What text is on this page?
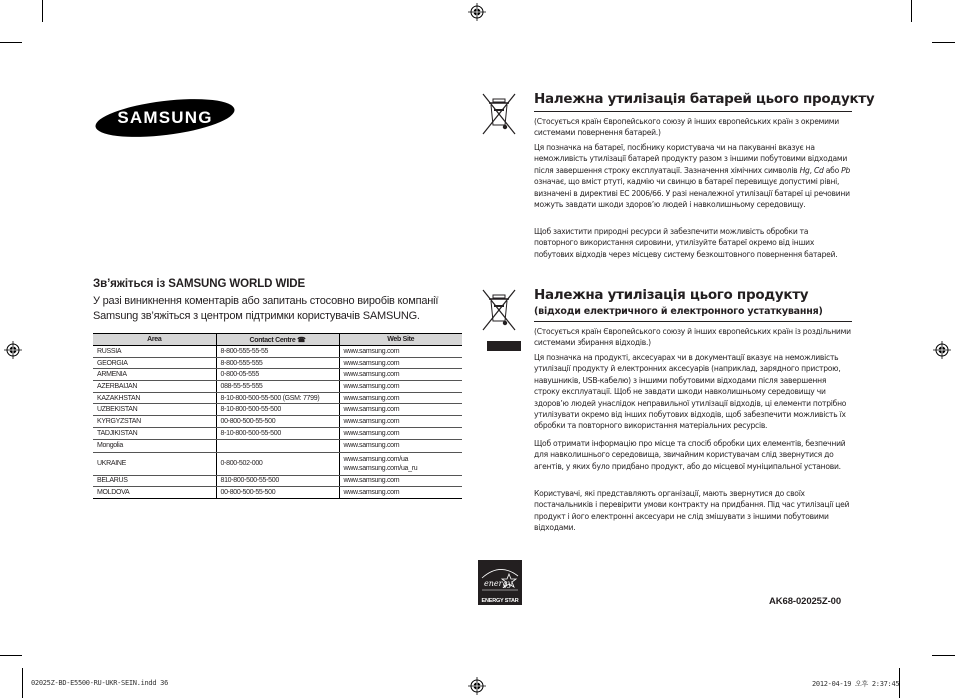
SAMSUNG
Зв’яжіться із SAMSUNG WORLD WIDE
У разі виникнення коментарів або запитань стосовно виробів компанії Samsung зв’яжіться з центром підтримки користувачів SAMSUNG.
Area	Contact Centre ☎	Web Site
RUSSIA	8-800-555-55-55	www.samsung.com
GEORGIA	8-800-555-555	www.samsung.com
ARMENIA	0-800-05-555	www.samsung.com
AZERBAIJAN	088-55-55-555	www.samsung.com
KAZAKHSTAN	8-10-800-500-55-500 (GSM: 7799)	www.samsung.com
UZBEKISTAN	8-10-800-500-55-500	www.samsung.com
KYRGYZSTAN	00-800-500-55-500	www.samsung.com
TADJIKISTAN	8-10-800-500-55-500	www.samsung.com
Mongolia		www.samsung.com
UKRAINE	0-800-502-000	www.samsung.com/ua
www.samsung.com/ua_ru

BELARUS	810-800-500-55-500	www.samsung.com
MOLDOVA	00-800-500-55-500	www.samsung.com
Належна утилізація батарей цього продукту
(Стосується країн Європейського союзу й інших європейських країн з окремими системами повернення батарей.)
Ця позначка на батареї, посібнику користувача чи на пакуванні вказує на неможливість утилізації батарей продукту разом з іншими побутовими відходами після завершення строку експлуатації. Зазначення хімічних символів Hg, Cd або Pb означає, що вміст ртуті, кадмію чи свинцю в батареї перевищує допустимі рівні, визначені в директиві ЕС 2006/66. У разі неналежної утилізації батареї ці речовини можуть завдати шкоди здоров’ю людей і навколишньому середовищу.
Щоб захистити природні ресурси й забезпечити можливість обробки та повторного використання сировини, утилізуйте батареї окремо від інших побутових відходів через місцеву систему безкоштовного повернення батарей.
Належна утилізація цього продукту
(відходи електричного й електронного устаткування)
(Стосується країн Європейського союзу й інших європейських країн із роздільними системами збирання відходів.)
Ця позначка на продукті, аксесуарах чи в документації вказує на неможливість утилізації продукту й електронних аксесуарів (наприклад, зарядного пристрою, навушників, USB-кабелю) з іншими побутовими відходами після завершення строку експлуатації. Щоб не завдати шкоди навколишньому середовищу чи здоров’ю людей унаслідок неправильної утилізації відходів, ці елементи потрібно утилізувати окремо від інших побутових відходів, щоб забезпечити можливість їх обробки та повторного використання матеріальних ресурсів.
Щоб отримати інформацію про місце та спосіб обробки цих елементів, безпечний для навколишнього середовища, звичайним користувачам слід звернутися до агентів, у яких було придбано продукт, або до місцевої муніципальної установи.
Користувачі, які представляють організації, мають звернутися до своїх постачальників і перевірити умови контракту на придбання. Під час утилізації цей продукт і його електронні аксесуари не слід змішувати з іншими побутовими відходами.
energy
ENERGY STAR	AK68-02025Z-00
02025Z-BD-E5500-RU-UKR-SEIN.indd 36	2012-04-19 오후 2:37:45
